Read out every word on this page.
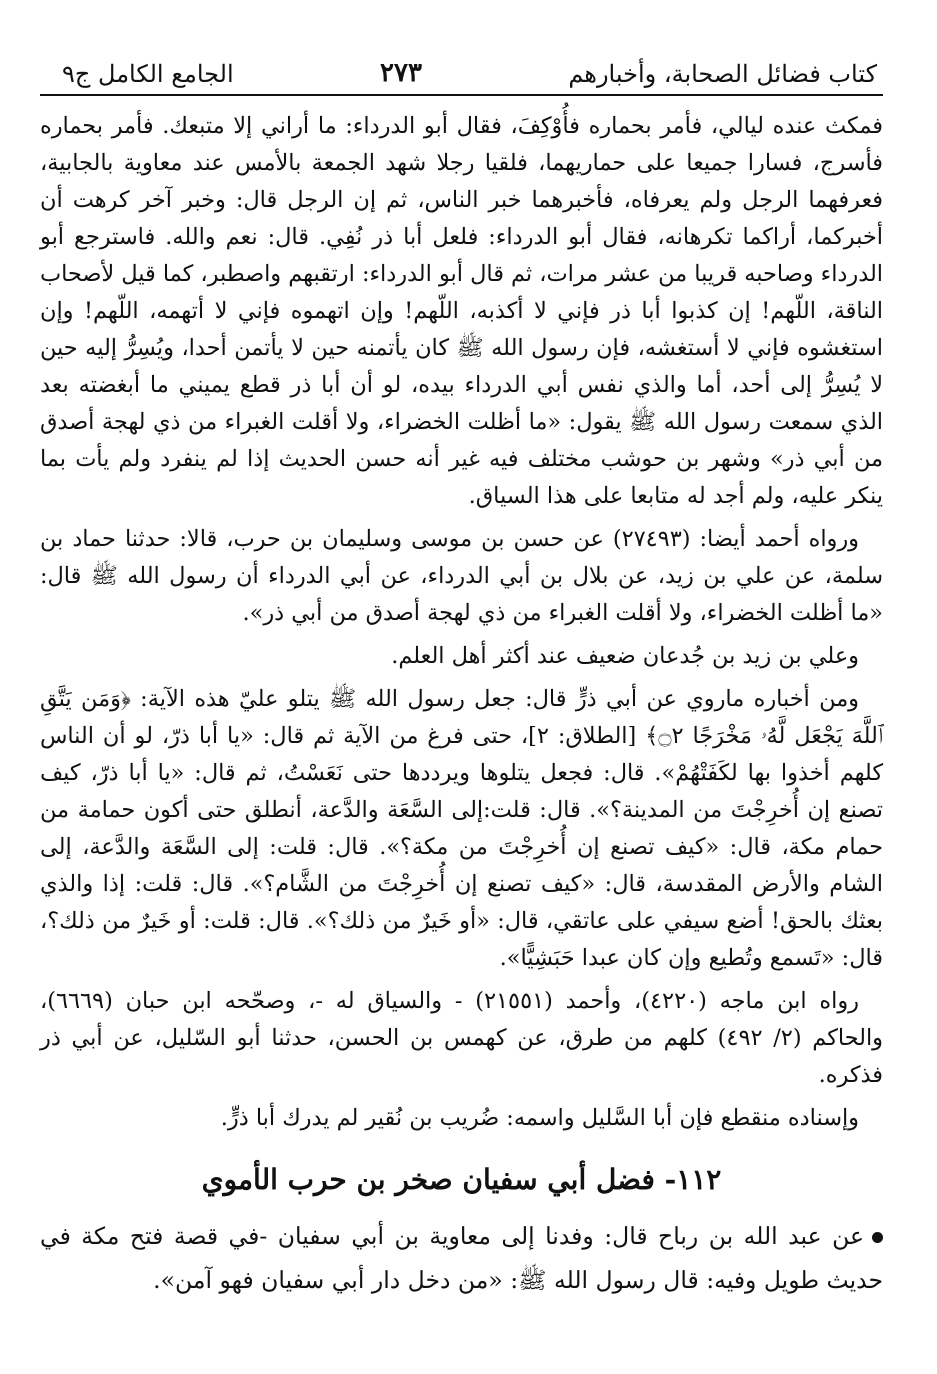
كتاب فضائل الصحابة، وأخبارهم
٢٧٣
الجامع الكامل ج٩

فمكث عنده ليالي، فأمر بحماره فأُوْكِفَ، فقال أبو الدرداء: ما أراني إلا متبعك. فأمر بحماره فأسرج، فسارا جميعا على حماريهما، فلقيا رجلا شهد الجمعة بالأمس عند معاوية بالجابية، فعرفهما الرجل ولم يعرفاه، فأخبرهما خبر الناس، ثم إن الرجل قال: وخبر آخر كرهت أن أخبركما، أراكما تكرهانه، فقال أبو الدرداء: فلعل أبا ذر نُفِي. قال: نعم والله. فاسترجع أبو الدرداء وصاحبه قريبا من عشر مرات، ثم قال أبو الدرداء: ارتقبهم واصطبر، كما قيل لأصحاب الناقة، اللّهم! إن كذبوا أبا ذر فإني لا أكذبه، اللّهم! وإن اتهموه فإني لا أتهمه، اللّهم! وإن استغشوه فإني لا أستغشه، فإن رسول الله ﷺ كان يأتمنه حين لا يأتمن أحدا، ويُسِرُّ إليه حين لا يُسِرُّ إلى أحد، أما والذي نفس أبي الدرداء بيده، لو أن أبا ذر قطع يميني ما أبغضته بعد الذي سمعت رسول الله ﷺ يقول: «ما أظلت الخضراء، ولا أقلت الغبراء من ذي لهجة أصدق من أبي ذر» وشهر بن حوشب مختلف فيه غير أنه حسن الحديث إذا لم ينفرد ولم يأت بما ينكر عليه، ولم أجد له متابعا على هذا السياق.

ورواه أحمد أيضا: (٢٧٤٩٣) عن حسن بن موسى وسليمان بن حرب، قالا: حدثنا حماد بن سلمة، عن علي بن زيد، عن بلال بن أبي الدرداء، عن أبي الدرداء أن رسول الله ﷺ قال: «ما أظلت الخضراء، ولا أقلت الغبراء من ذي لهجة أصدق من أبي ذر».

وعلي بن زيد بن جُدعان ضعيف عند أكثر أهل العلم.

ومن أخباره ماروي عن أبي ذرٍّ قال: جعل رسول الله ﷺ يتلو عليّ هذه الآية: ﴿وَمَن يَتَّقِ ٱللَّهَ يَجْعَل لَّهُۥ مَخْرَجًا ۝٢﴾ [الطلاق: ٢]، حتى فرغ من الآية ثم قال: «يا أبا ذرّ، لو أن الناس كلهم أخذوا بها لكَفَتْهُمْ». قال: فجعل يتلوها ويرددها حتى نَعَسْتُ، ثم قال: «يا أبا ذرّ، كيف تصنع إن أُخرِجْتَ من المدينة؟». قال: قلت:إلى السَّعَة والدَّعة، أنطلق حتى أكون حمامة من حمام مكة، قال: «كيف تصنع إن أُخرِجْتَ من مكة؟». قال: قلت: إلى السَّعَة والدَّعة، إلى الشام والأرض المقدسة، قال: «كيف تصنع إن أُخرِجْتَ من الشَّام؟». قال: قلت: إذا والذي بعثك بالحق! أضع سيفي على عاتقي، قال: «أو خَيرٌ من ذلك؟». قال: قلت: أو خَيرٌ من ذلك؟، قال: «تَسمع وتُطيع وإن كان عبدا حَبَشِيًّا».

رواه ابن ماجه (٤٢٢٠)، وأحمد (٢١٥٥١) - والسياق له -، وصحّحه ابن حبان (٦٦٦٩)، والحاكم (٢/ ٤٩٢) كلهم من طرق، عن كهمس بن الحسن، حدثنا أبو السّليل، عن أبي ذر فذكره.

وإسناده منقطع فإن أبا السَّليل واسمه: ضُريب بن نُقير لم يدرك أبا ذرٍّ.

١١٢- فضل أبي سفيان صخر بن حرب الأموي
عن عبد الله بن رباح قال: وفدنا إلى معاوية بن أبي سفيان -في قصة فتح مكة في حديث طويل وفيه: قال رسول الله ﷺ: «من دخل دار أبي سفيان فهو آمن».
